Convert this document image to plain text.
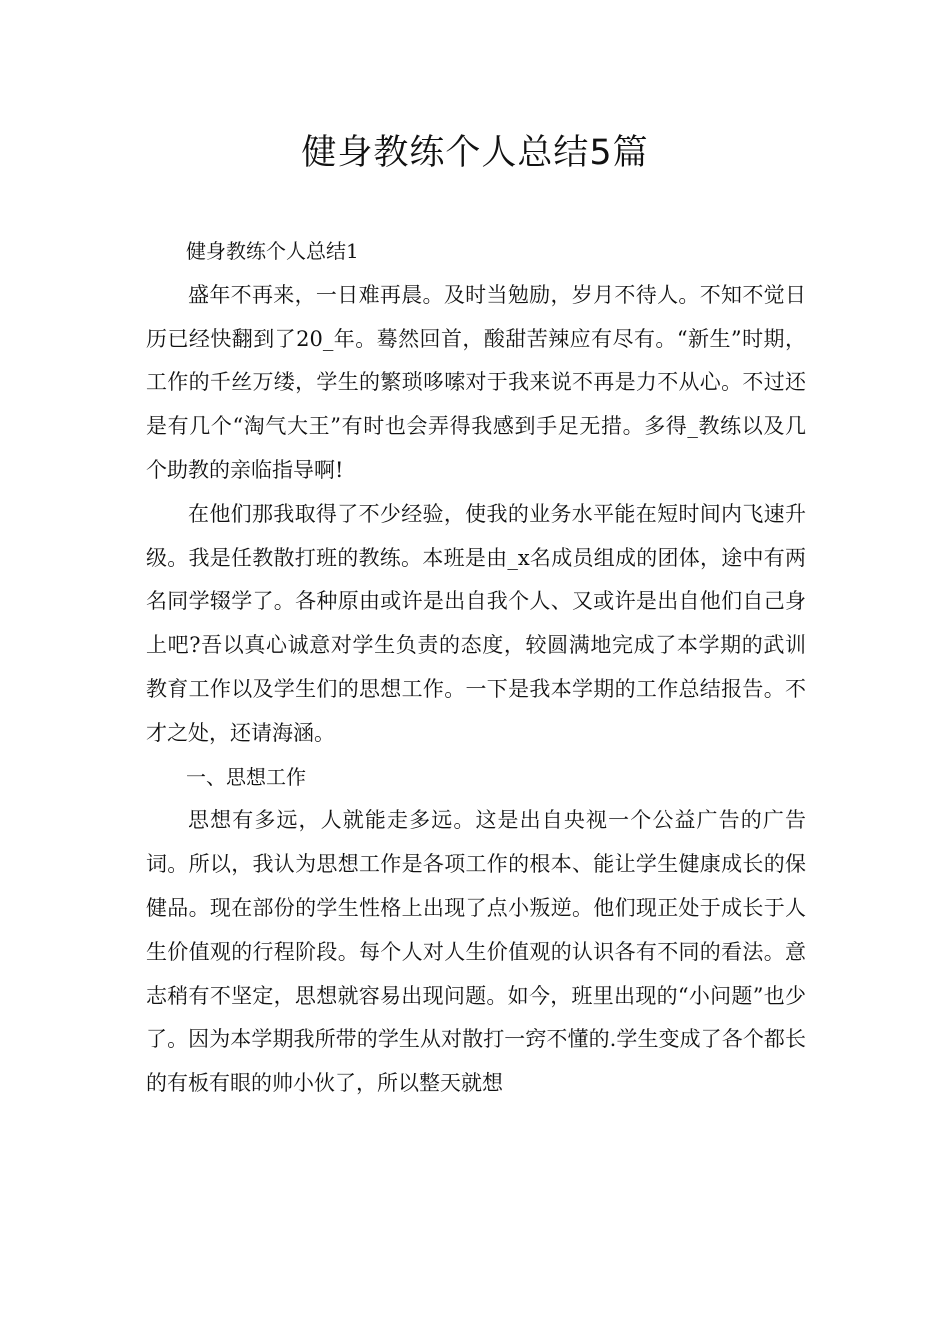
健身教练个人总结5篇

健身教练个人总结1

盛年不再来，一日难再晨。及时当勉励，岁月不待人。不知不觉日历已经快翻到了20_年。蓦然回首，酸甜苦辣应有尽有。“新生”时期，工作的千丝万缕，学生的繁琐哆嗦对于我来说不再是力不从心。不过还是有几个“淘气大王”有时也会弄得我感到手足无措。多得_教练以及几个助教的亲临指导啊!

在他们那我取得了不少经验，使我的业务水平能在短时间内飞速升级。我是任教散打班的教练。本班是由_x名成员组成的团体，途中有两名同学辍学了。各种原由或许是出自我个人、又或许是出自他们自己身上吧?吾以真心诚意对学生负责的态度，较圆满地完成了本学期的武训教育工作以及学生们的思想工作。一下是我本学期的工作总结报告。不才之处，还请海涵。

一、思想工作

思想有多远，人就能走多远。这是出自央视一个公益广告的广告词。所以，我认为思想工作是各项工作的根本、能让学生健康成长的保健品。现在部份的学生性格上出现了点小叛逆。他们现正处于成长于人生价值观的行程阶段。每个人对人生价值观的认识各有不同的看法。意志稍有不坚定，思想就容易出现问题。如今，班里出现的“小问题”也少了。因为本学期我所带的学生从对散打一窍不懂的.学生变成了各个都长的有板有眼的帅小伙了，所以整天就想
